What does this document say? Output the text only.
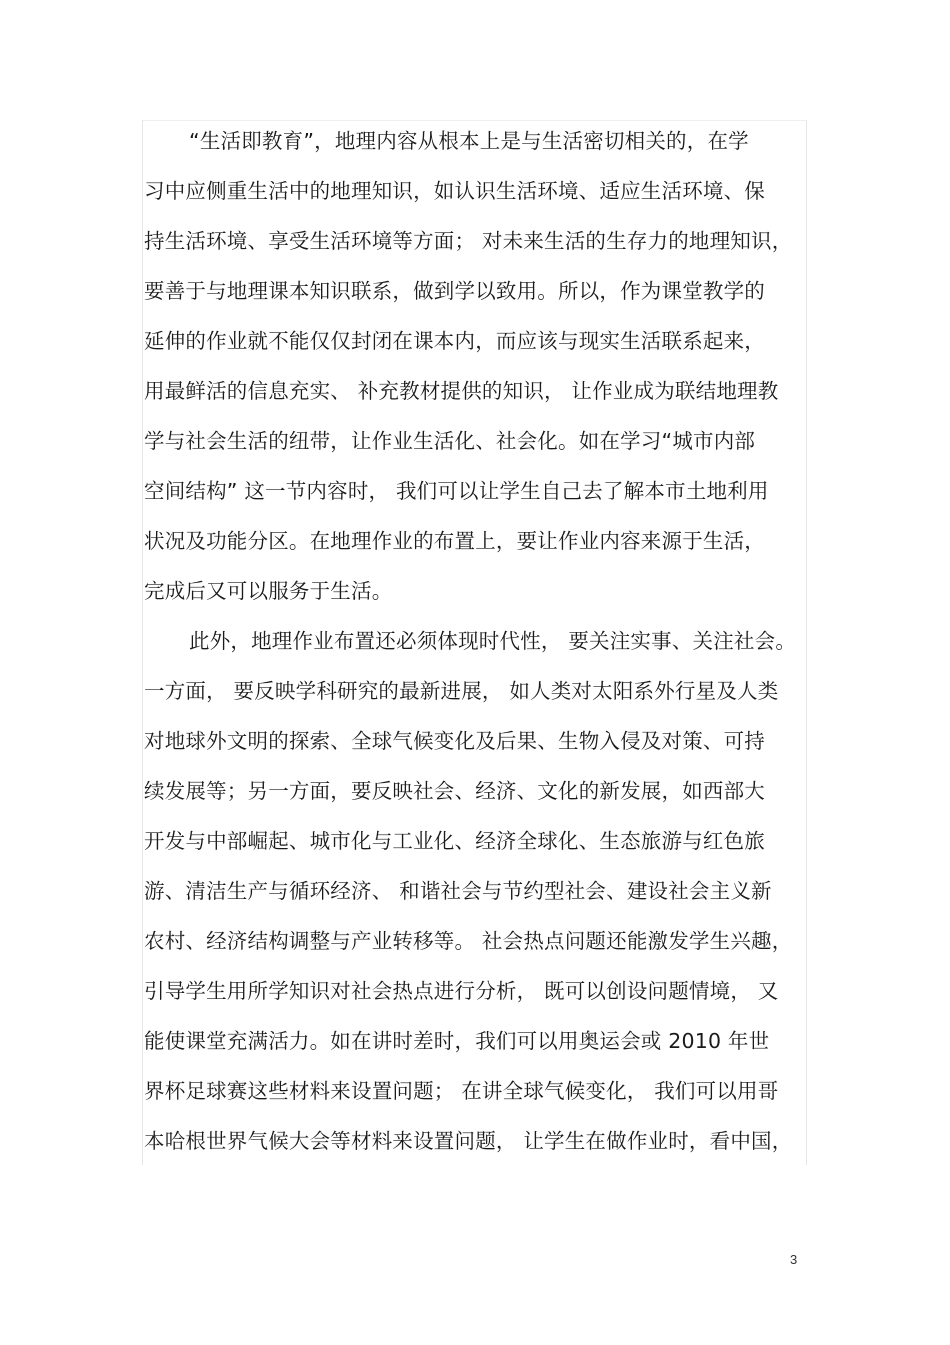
“生活即教育”，地理内容从根本上是与生活密切相关的，在学
习中应侧重生活中的地理知识，如认识生活环境、适应生活环境、保
持生活环境、享受生活环境等方面； 对未来生活的生存力的地理知识，
要善于与地理课本知识联系，做到学以致用。所以，作为课堂教学的
延伸的作业就不能仅仅封闭在课本内，而应该与现实生活联系起来，
用最鲜活的信息充实、 补充教材提供的知识， 让作业成为联结地理教
学与社会生活的纽带，让作业生活化、社会化。如在学习“城市内部
空间结构” 这一节内容时， 我们可以让学生自己去了解本市土地利用
状况及功能分区。在地理作业的布置上，要让作业内容来源于生活，
完成后又可以服务于生活。
此外，地理作业布置还必须体现时代性， 要关注实事、关注社会。
一方面， 要反映学科研究的最新进展， 如人类对太阳系外行星及人类
对地球外文明的探索、全球气候变化及后果、生物入侵及对策、可持
续发展等；另一方面，要反映社会、经济、文化的新发展，如西部大
开发与中部崛起、城市化与工业化、经济全球化、生态旅游与红色旅
游、清洁生产与循环经济、 和谐社会与节约型社会、建设社会主义新
农村、经济结构调整与产业转移等。 社会热点问题还能激发学生兴趣，
引导学生用所学知识对社会热点进行分析， 既可以创设问题情境， 又
能使课堂充满活力。如在讲时差时，我们可以用奥运会或 2010 年世
界杯足球赛这些材料来设置问题； 在讲全球气候变化， 我们可以用哥
本哈根世界气候大会等材料来设置问题， 让学生在做作业时，看中国，
3
